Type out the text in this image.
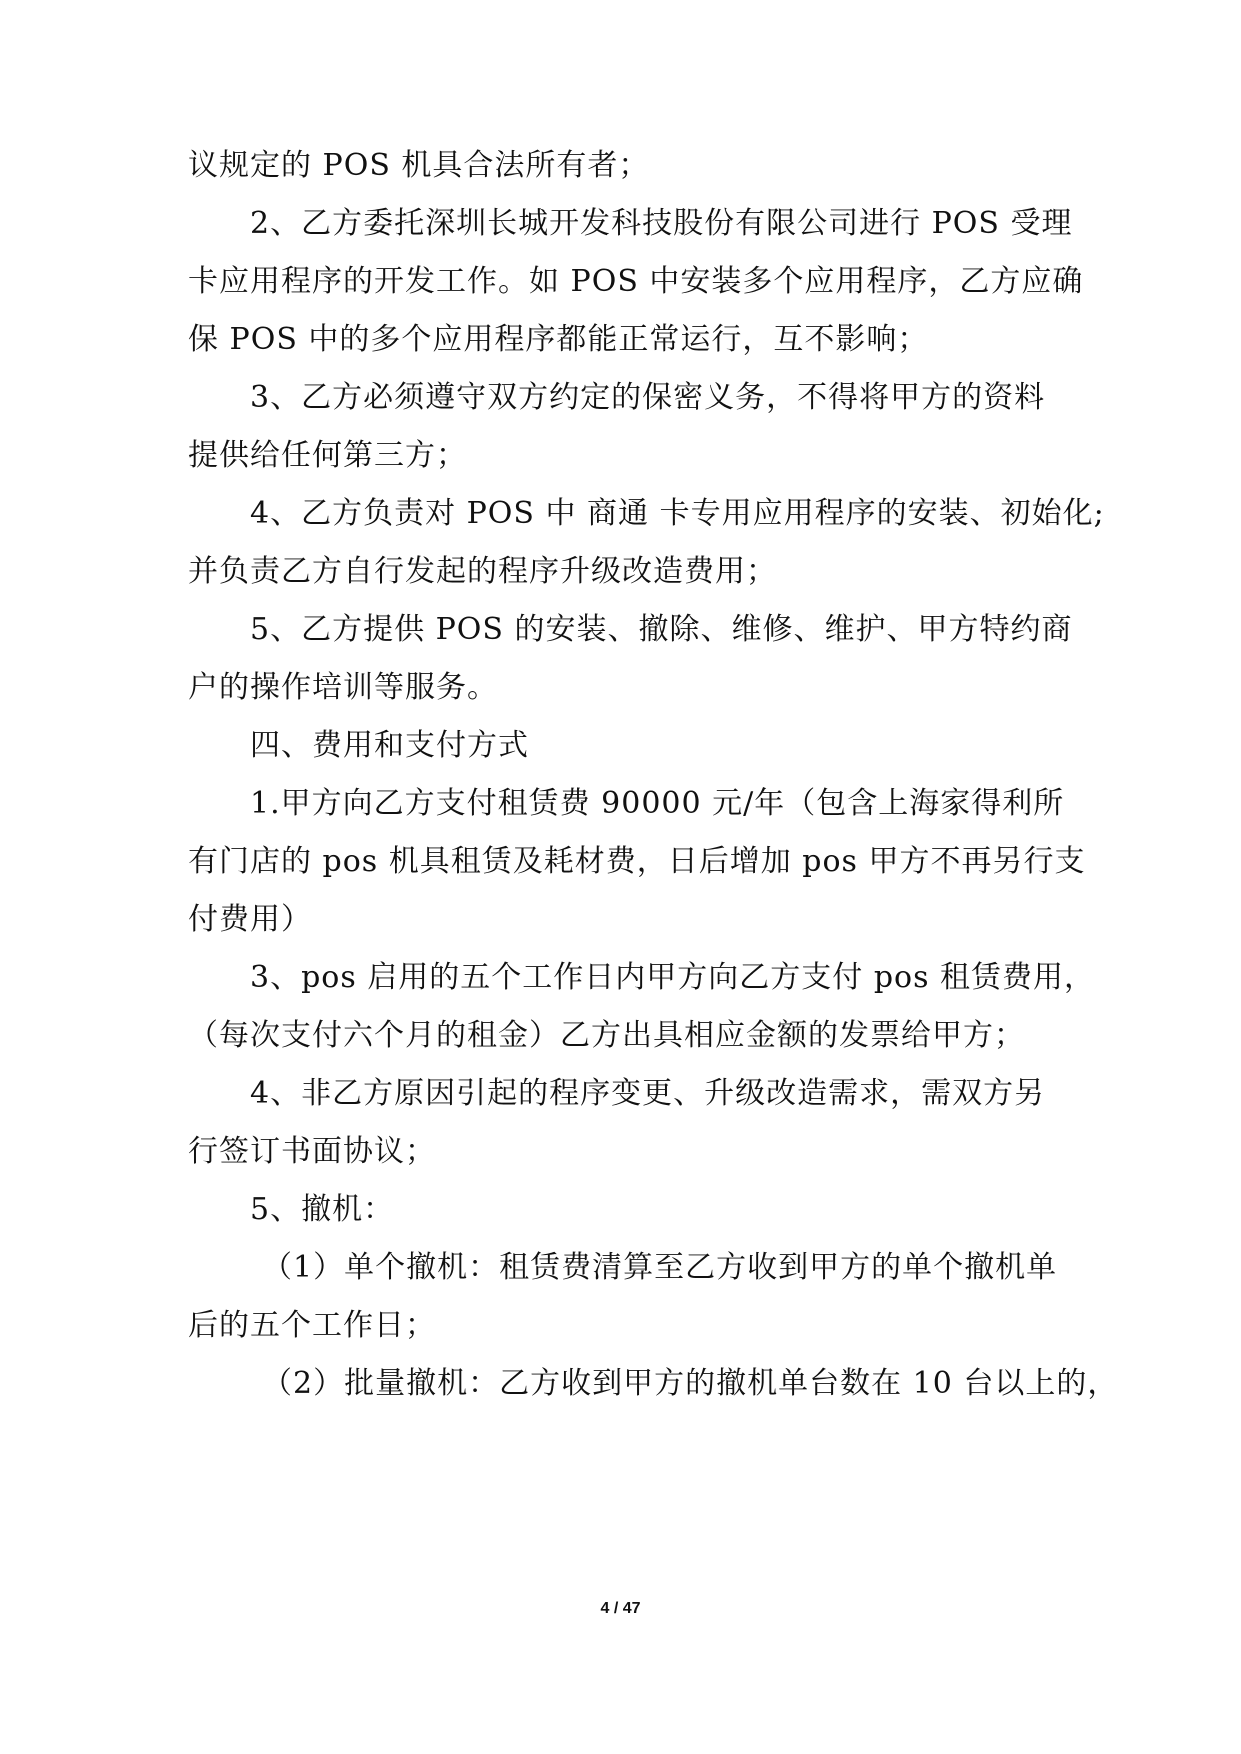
议规定的 POS 机具合法所有者；
2、乙方委托深圳长城开发科技股份有限公司进行 POS 受理
卡应用程序的开发工作。如 POS 中安装多个应用程序，乙方应确
保 POS 中的多个应用程序都能正常运行，互不影响；
3、乙方必须遵守双方约定的保密义务，不得将甲方的资料
提供给任何第三方；
4、乙方负责对 POS 中 商通 卡专用应用程序的安装、初始化;
并负责乙方自行发起的程序升级改造费用；
5、乙方提供 POS 的安装、撤除、维修、维护、甲方特约商
户的操作培训等服务。
四、费用和支付方式
1.甲方向乙方支付租赁费 90000 元/年（包含上海家得利所
有门店的 pos 机具租赁及耗材费，日后增加 pos 甲方不再另行支
付费用）
3、pos 启用的五个工作日内甲方向乙方支付 pos 租赁费用，
（每次支付六个月的租金）乙方出具相应金额的发票给甲方；
4、非乙方原因引起的程序变更、升级改造需求，需双方另
行签订书面协议；
5、撤机：
（1）单个撤机：租赁费清算至乙方收到甲方的单个撤机单
后的五个工作日；
（2）批量撤机：乙方收到甲方的撤机单台数在 10 台以上的，
4 / 47
